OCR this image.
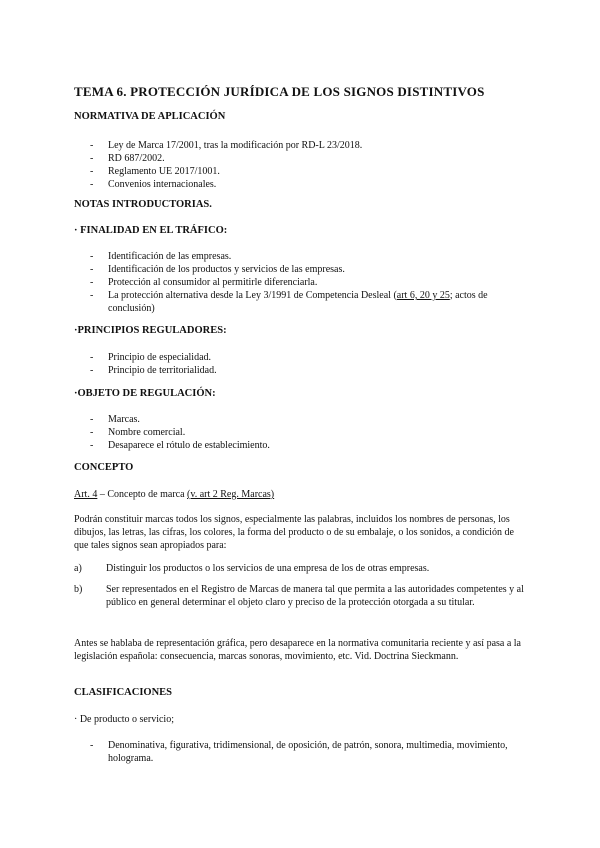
TEMA 6. PROTECCIÓN JURÍDICA DE LOS SIGNOS DISTINTIVOS
NORMATIVA DE APLICACIÓN
- Ley de Marca 17/2001, tras la modificación por RD-L 23/2018.
- RD 687/2002.
- Reglamento UE 2017/1001.
- Convenios internacionales.
NOTAS INTRODUCTORIAS.
· FINALIDAD EN EL TRÁFICO:
- Identificación de las empresas.
- Identificación de los productos y servicios de las empresas.
- Protección al consumidor al permitirle diferenciarla.
- La protección alternativa desde la Ley 3/1991 de Competencia Desleal (art 6, 20 y 25; actos de conclusión)
·PRINCIPIOS REGULADORES:
- Principio de especialidad.
- Principio de territorialidad.
·OBJETO DE REGULACIÓN:
- Marcas.
- Nombre comercial.
- Desaparece el rótulo de establecimiento.
CONCEPTO
Art. 4 – Concepto de marca (v. art 2 Reg. Marcas)
Podrán constituir marcas todos los signos, especialmente las palabras, incluidos los nombres de personas, los dibujos, las letras, las cifras, los colores, la forma del producto o de su embalaje, o los sonidos, a condición de que tales signos sean apropiados para:
a) Distinguir los productos o los servicios de una empresa de los de otras empresas.
b) Ser representados en el Registro de Marcas de manera tal que permita a las autoridades competentes y al público en general determinar el objeto claro y preciso de la protección otorgada a su titular.
Antes se hablaba de representación gráfica, pero desaparece en la normativa comunitaria reciente y así pasa a la legislación española: consecuencia, marcas sonoras, movimiento, etc. Vid. Doctrina Sieckmann.
CLASIFICACIONES
· De producto o servicio;
- Denominativa, figurativa, tridimensional, de oposición, de patrón, sonora, multimedia, movimiento, holograma.
